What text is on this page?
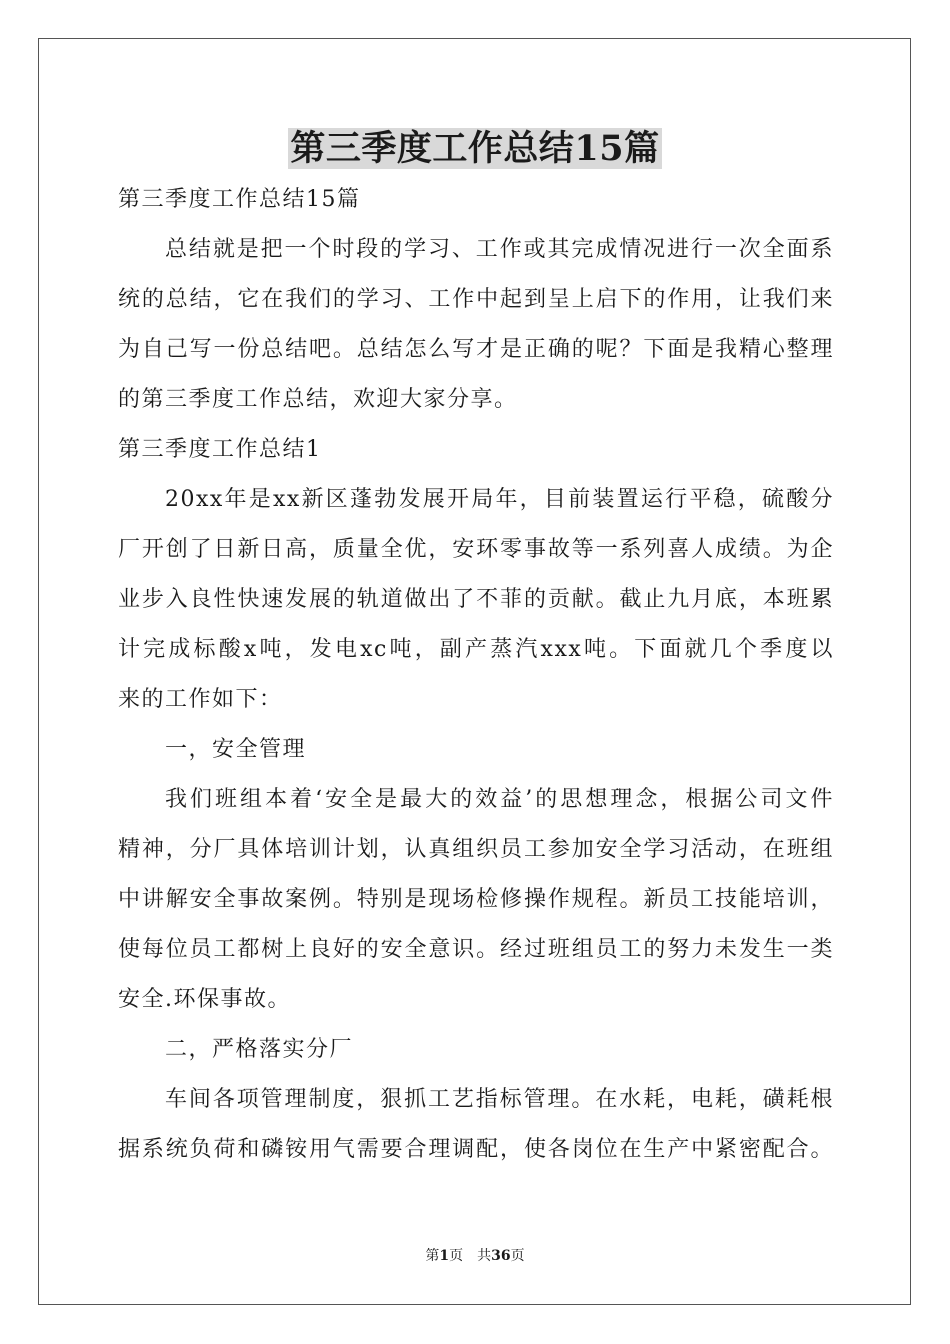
第三季度工作总结15篇

第三季度工作总结15篇

总结就是把一个时段的学习、工作或其完成情况进行一次全面系

统的总结，它在我们的学习、工作中起到呈上启下的作用，让我们来

为自己写一份总结吧。总结怎么写才是正确的呢？下面是我精心整理

的第三季度工作总结，欢迎大家分享。

第三季度工作总结1

20xx年是xx新区蓬勃发展开局年，目前装置运行平稳，硫酸分

厂开创了日新日高，质量全优，安环零事故等一系列喜人成绩。为企

业步入良性快速发展的轨道做出了不菲的贡献。截止九月底，本班累

计完成标酸x吨，发电xc吨，副产蒸汽xxx吨。下面就几个季度以

来的工作如下：

一，安全管理

我们班组本着‘安全是最大的效益’的思想理念，根据公司文件

精神，分厂具体培训计划，认真组织员工参加安全学习活动，在班组

中讲解安全事故案例。特别是现场检修操作规程。新员工技能培训，

使每位员工都树上良好的安全意识。经过班组员工的努力未发生一类

安全.环保事故。

二，严格落实分厂

车间各项管理制度，狠抓工艺指标管理。在水耗，电耗，磺耗根

据系统负荷和磷铵用气需要合理调配，使各岗位在生产中紧密配合。

第1页　共36页
